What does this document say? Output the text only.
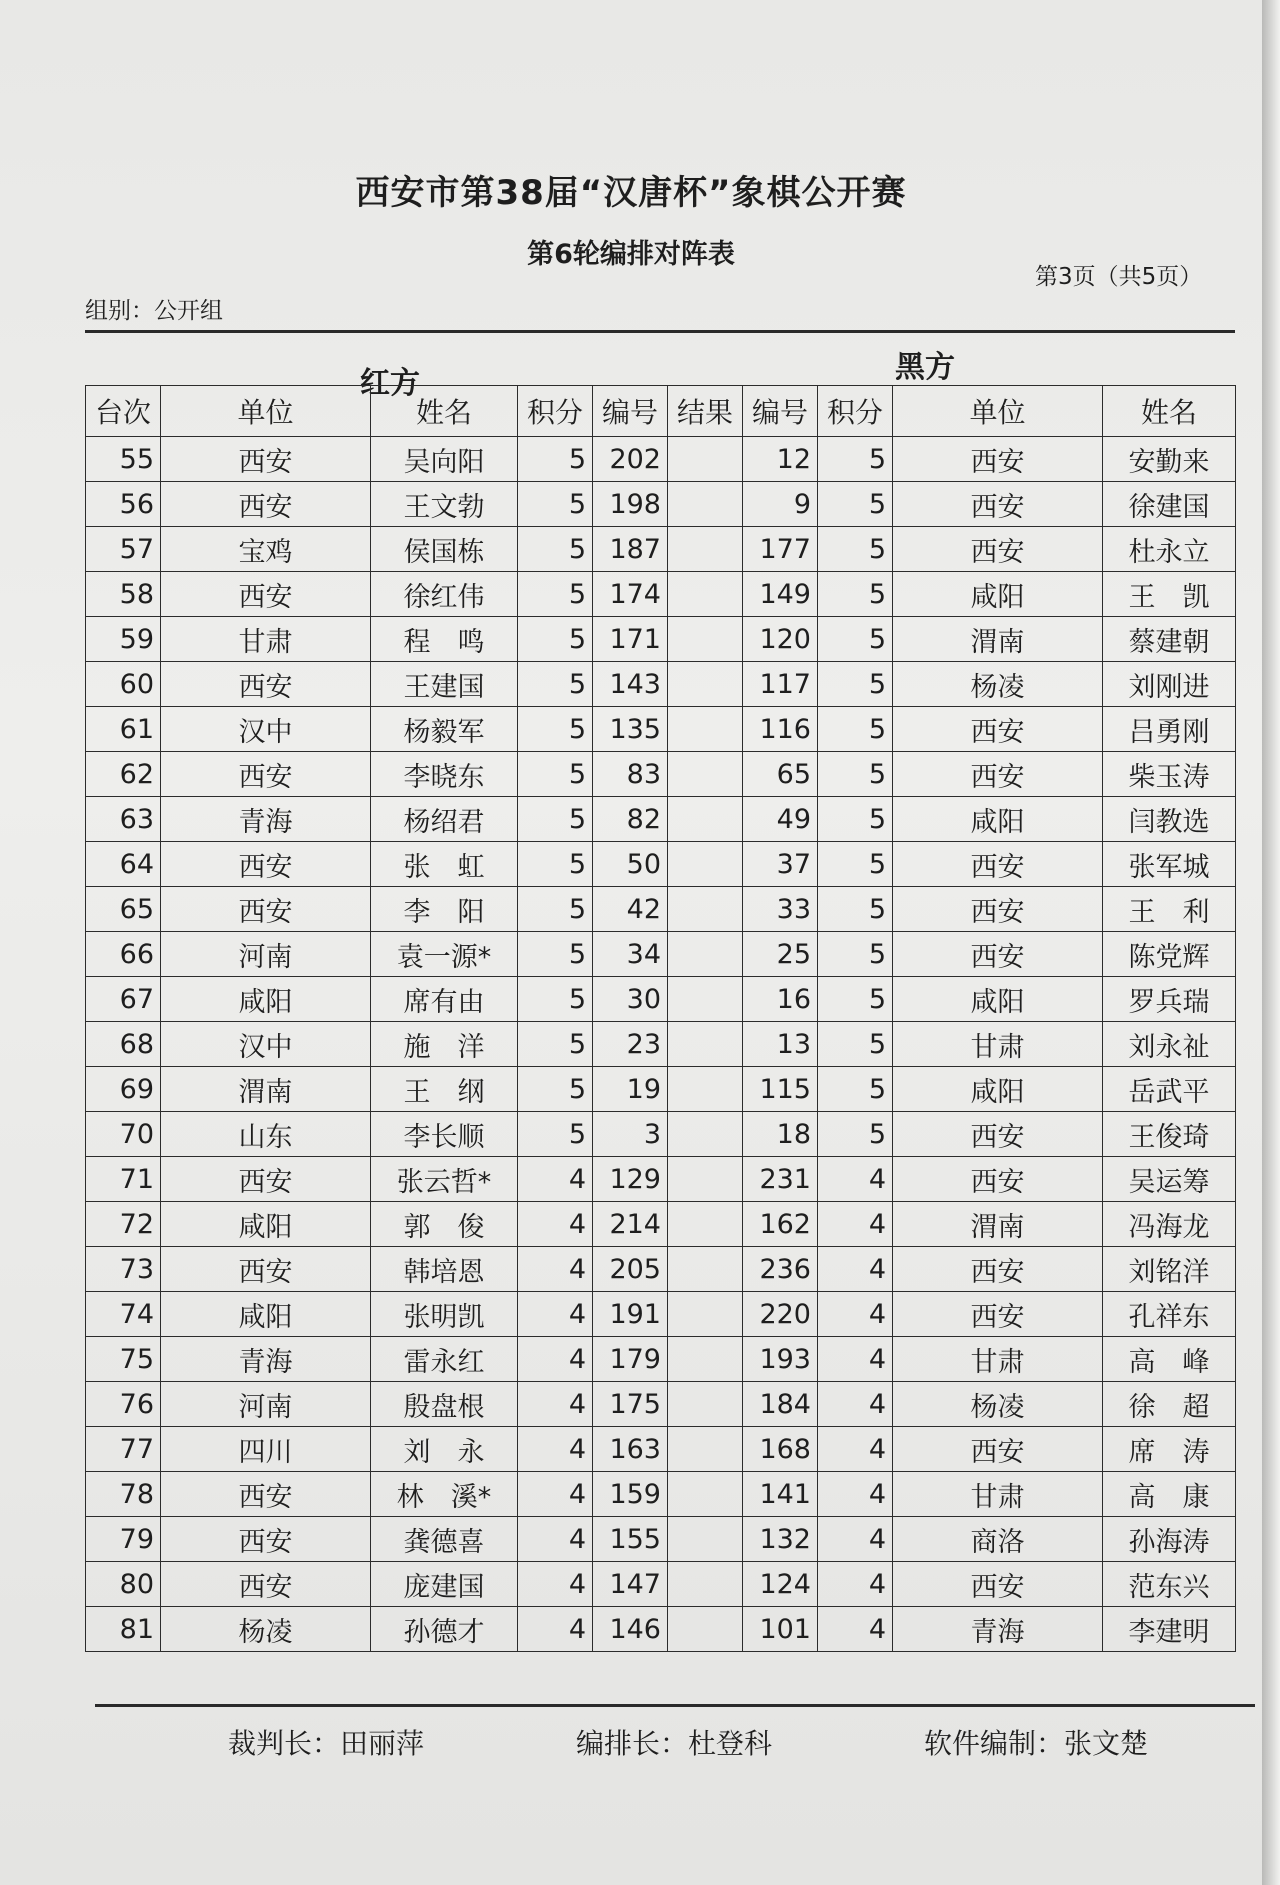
西安市第38届“汉唐杯”象棋公开赛
第6轮编排对阵表
第3页（共5页）
组别：公开组
红方	黑方
台次	单位	姓名	积分	编号	结果	编号	积分	单位	姓名
55	西安	吴向阳	5	202		12	5	西安	安勤来
56	西安	王文勃	5	198		9	5	西安	徐建国
57	宝鸡	侯国栋	5	187		177	5	西安	杜永立
58	西安	徐红伟	5	174		149	5	咸阳	王　凯
59	甘肃	程　鸣	5	171		120	5	渭南	蔡建朝
60	西安	王建国	5	143		117	5	杨凌	刘刚进
61	汉中	杨毅军	5	135		116	5	西安	吕勇刚
62	西安	李晓东	5	83		65	5	西安	柴玉涛
63	青海	杨绍君	5	82		49	5	咸阳	闫教选
64	西安	张　虹	5	50		37	5	西安	张军城
65	西安	李　阳	5	42		33	5	西安	王　利
66	河南	袁一源*	5	34		25	5	西安	陈党辉
67	咸阳	席有由	5	30		16	5	咸阳	罗兵瑞
68	汉中	施　洋	5	23		13	5	甘肃	刘永祉
69	渭南	王　纲	5	19		115	5	咸阳	岳武平
70	山东	李长顺	5	3		18	5	西安	王俊琦
71	西安	张云哲*	4	129		231	4	西安	吴运筹
72	咸阳	郭　俊	4	214		162	4	渭南	冯海龙
73	西安	韩培恩	4	205		236	4	西安	刘铭洋
74	咸阳	张明凯	4	191		220	4	西安	孔祥东
75	青海	雷永红	4	179		193	4	甘肃	高　峰
76	河南	殷盘根	4	175		184	4	杨凌	徐　超
77	四川	刘　永	4	163		168	4	西安	席　涛
78	西安	林　溪*	4	159		141	4	甘肃	高　康
79	西安	龚德喜	4	155		132	4	商洛	孙海涛
80	西安	庞建国	4	147		124	4	西安	范东兴
81	杨凌	孙德才	4	146		101	4	青海	李建明
裁判长：田丽萍	编排长：杜登科	软件编制：张文楚
